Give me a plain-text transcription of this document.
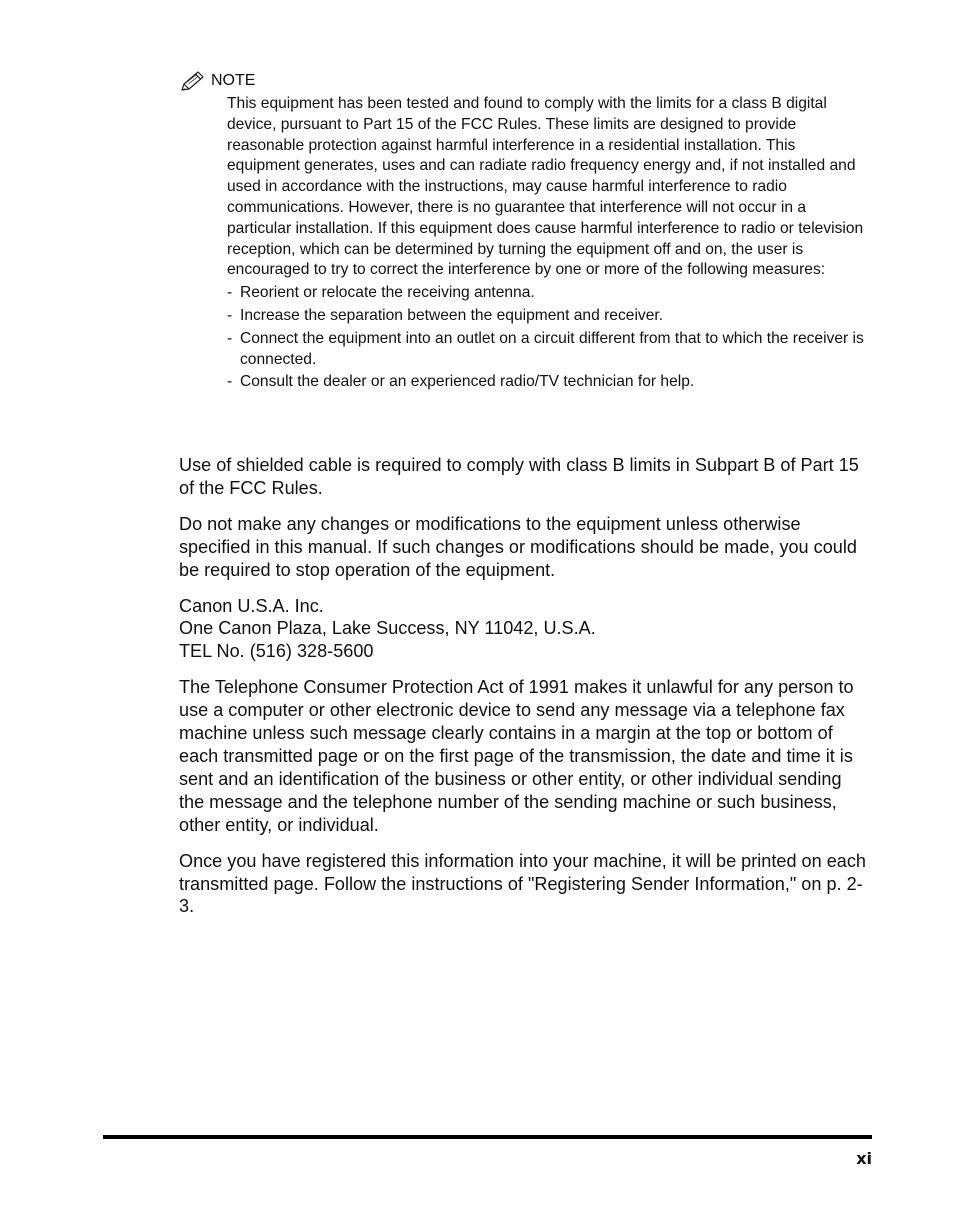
NOTE

This equipment has been tested and found to comply with the limits for a class B digital device, pursuant to Part 15 of the FCC Rules. These limits are designed to provide reasonable protection against harmful interference in a residential installation. This equipment generates, uses and can radiate radio frequency energy and, if not installed and used in accordance with the instructions, may cause harmful interference to radio communications. However, there is no guarantee that interference will not occur in a particular installation. If this equipment does cause harmful interference to radio or television reception, which can be determined by turning the equipment off and on, the user is encouraged to try to correct the interference by one or more of the following measures:

- Reorient or relocate the receiving antenna.
- Increase the separation between the equipment and receiver.
- Connect the equipment into an outlet on a circuit different from that to which the receiver is connected.
- Consult the dealer or an experienced radio/TV technician for help.

Use of shielded cable is required to comply with class B limits in Subpart B of Part 15 of the FCC Rules.

Do not make any changes or modifications to the equipment unless otherwise specified in this manual. If such changes or modifications should be made, you could be required to stop operation of the equipment.

Canon U.S.A. Inc.
One Canon Plaza, Lake Success, NY 11042, U.S.A.
TEL No. (516) 328-5600

The Telephone Consumer Protection Act of 1991 makes it unlawful for any person to use a computer or other electronic device to send any message via a telephone fax machine unless such message clearly contains in a margin at the top or bottom of each transmitted page or on the first page of the transmission, the date and time it is sent and an identification of the business or other entity, or other individual sending the message and the telephone number of the sending machine or such business, other entity, or individual.

Once you have registered this information into your machine, it will be printed on each transmitted page. Follow the instructions of "Registering Sender Information," on p. 2-3.

xi
